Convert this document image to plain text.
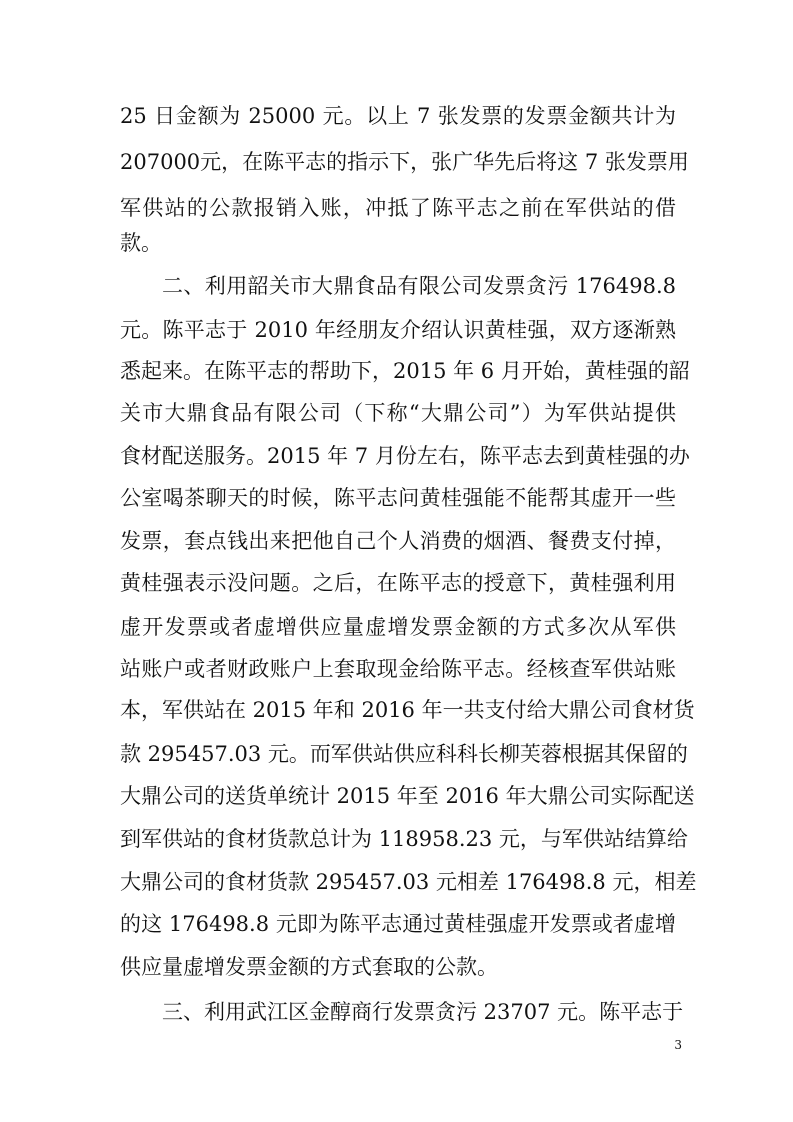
25 日金额为 25000 元。以上 7 张发票的发票金额共计为
207000元，在陈平志的指示下，张广华先后将这 7 张发票用
军供站的公款报销入账，冲抵了陈平志之前在军供站的借
款。
二、利用韶关市大鼎食品有限公司发票贪污 176498.8
元。陈平志于 2010 年经朋友介绍认识黄桂强，双方逐渐熟
悉起来。在陈平志的帮助下，2015 年 6 月开始，黄桂强的韶
关市大鼎食品有限公司（下称“大鼎公司”）为军供站提供
食材配送服务。2015 年 7 月份左右，陈平志去到黄桂强的办
公室喝茶聊天的时候，陈平志问黄桂强能不能帮其虚开一些
发票，套点钱出来把他自己个人消费的烟酒、餐费支付掉，
黄桂强表示没问题。之后，在陈平志的授意下，黄桂强利用
虚开发票或者虚增供应量虚增发票金额的方式多次从军供
站账户或者财政账户上套取现金给陈平志。经核查军供站账
本，军供站在 2015 年和 2016 年一共支付给大鼎公司食材货
款 295457.03 元。而军供站供应科科长柳芙蓉根据其保留的
大鼎公司的送货单统计 2015 年至 2016 年大鼎公司实际配送
到军供站的食材货款总计为 118958.23 元，与军供站结算给
大鼎公司的食材货款 295457.03 元相差 176498.8 元，相差
的这 176498.8 元即为陈平志通过黄桂强虚开发票或者虚增
供应量虚增发票金额的方式套取的公款。
三、利用武江区金醇商行发票贪污 23707 元。陈平志于
3
